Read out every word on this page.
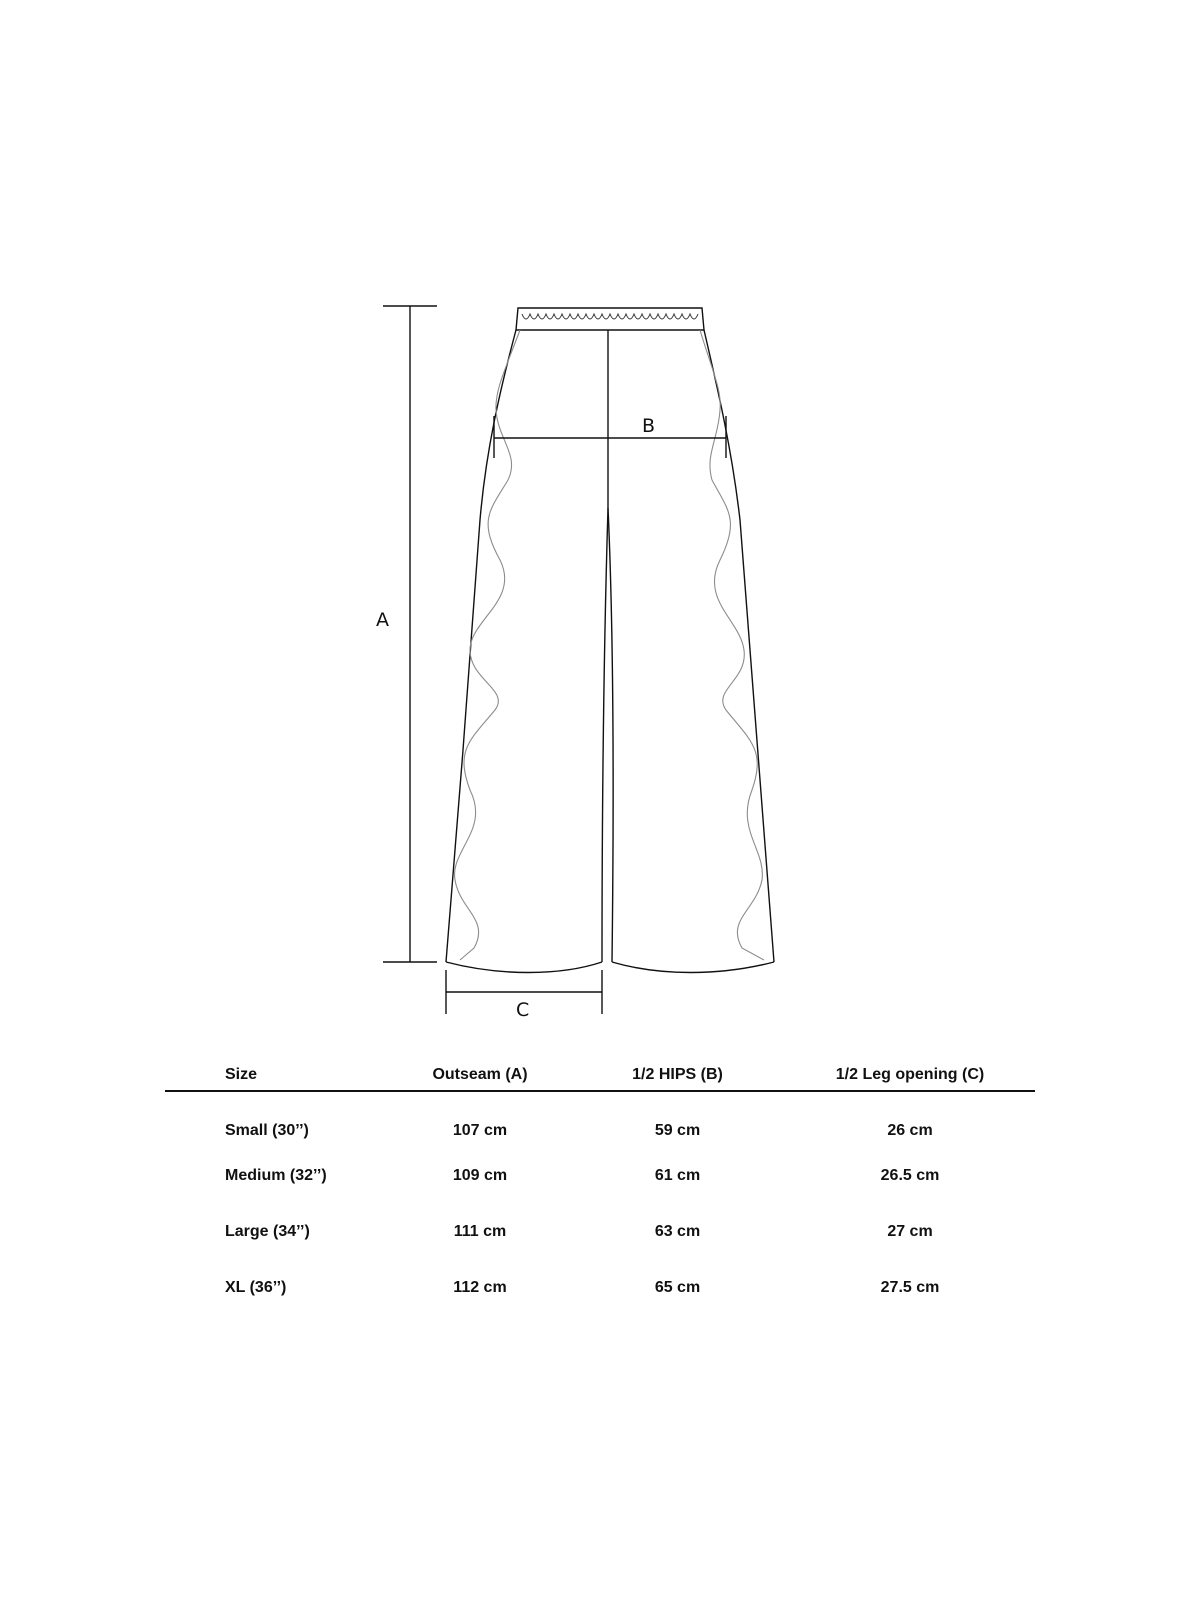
A
B
C
Size	Outseam (A)	1/2 HIPS (B)	1/2 Leg opening (C)
Small (30’’)	107 cm	59 cm	26 cm
Medium (32’’)	109 cm	61 cm	26.5 cm
Large (34’’)	111 cm	63 cm	27 cm
XL (36’’)	112 cm	65 cm	27.5 cm
